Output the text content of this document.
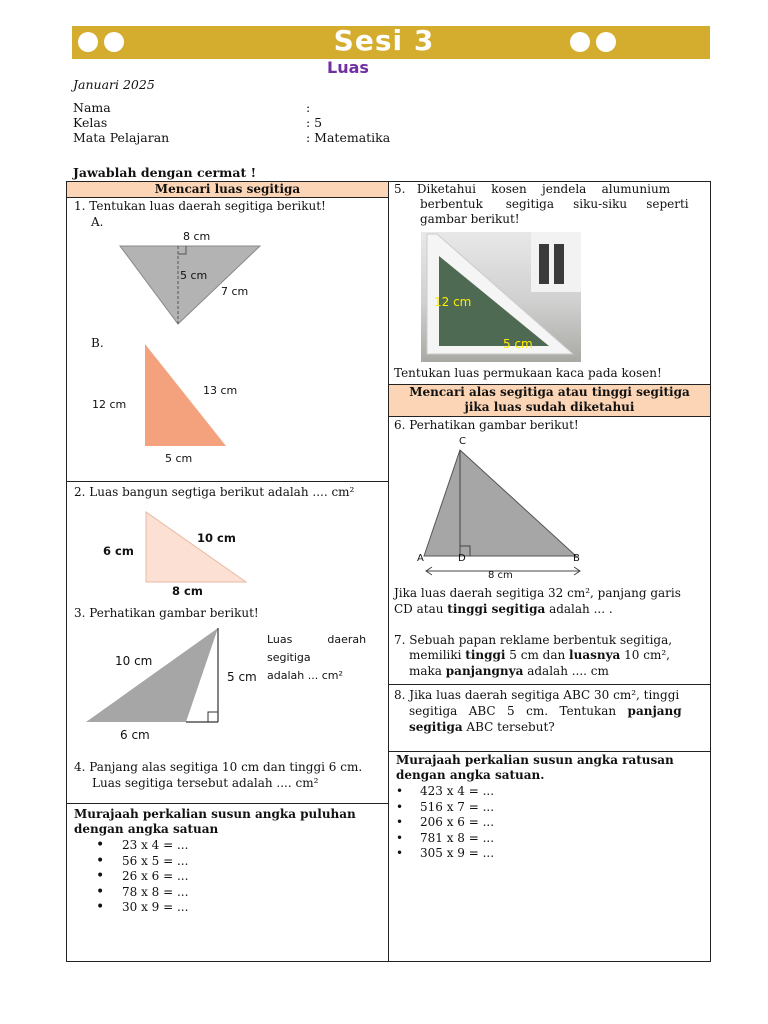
Sesi 3
Luas
Januari 2025
Nama	:
Kelas	: 5
Mata Pelajaran	: Matematika
Jawablah dengan cermat !
Mencari luas segitiga
1. Tentukan luas daerah segitiga berikut!
A.
8 cm
5 cm
7 cm
B.
13 cm
12 cm
5 cm
2. Luas bangun segtiga berikut adalah .... cm²
10 cm
6 cm
8 cm
3. Perhatikan gambar berikut!
10 cm
5 cm
6 cm
Luas          daerah
segitiga
adalah ... cm²
4. Panjang alas segitiga 10 cm dan tinggi 6 cm.
Luas segitiga tersebut adalah .... cm²
Murajaah perkalian susun angka puluhan
dengan angka satuan
• 23 x 4 = ...
• 56 x 5 = ...
• 26 x 6 = ...
• 78 x 8 = ...
• 30 x 9 = ...
5.   Diketahui    kosen    jendela    alumunium
berbentuk      segitiga     siku-siku     seperti
gambar berikut!
12 cm
5 cm
Tentukan luas permukaan kaca pada kosen!
Mencari alas segitiga atau tinggi segitiga
jika luas sudah diketahui
6. Perhatikan gambar berikut!
C
A	D	B
8 cm
Jika luas daerah segitiga 32 cm², panjang garis
CD atau tinggi segitiga adalah ... .
7. Sebuah papan reklame berbentuk segitiga,
memiliki tinggi 5 cm dan luasnya 10 cm²,
maka panjangnya adalah .... cm
8. Jika luas daerah segitiga ABC 30 cm², tinggi
segitiga   ABC   5   cm.   Tentukan   panjang
segitiga ABC tersebut?
Murajaah perkalian susun angka ratusan
dengan angka satuan.
• 423 x 4 = ...
• 516 x 7 = ...
• 206 x 6 = ...
• 781 x 8 = ...
• 305 x 9 = ...
